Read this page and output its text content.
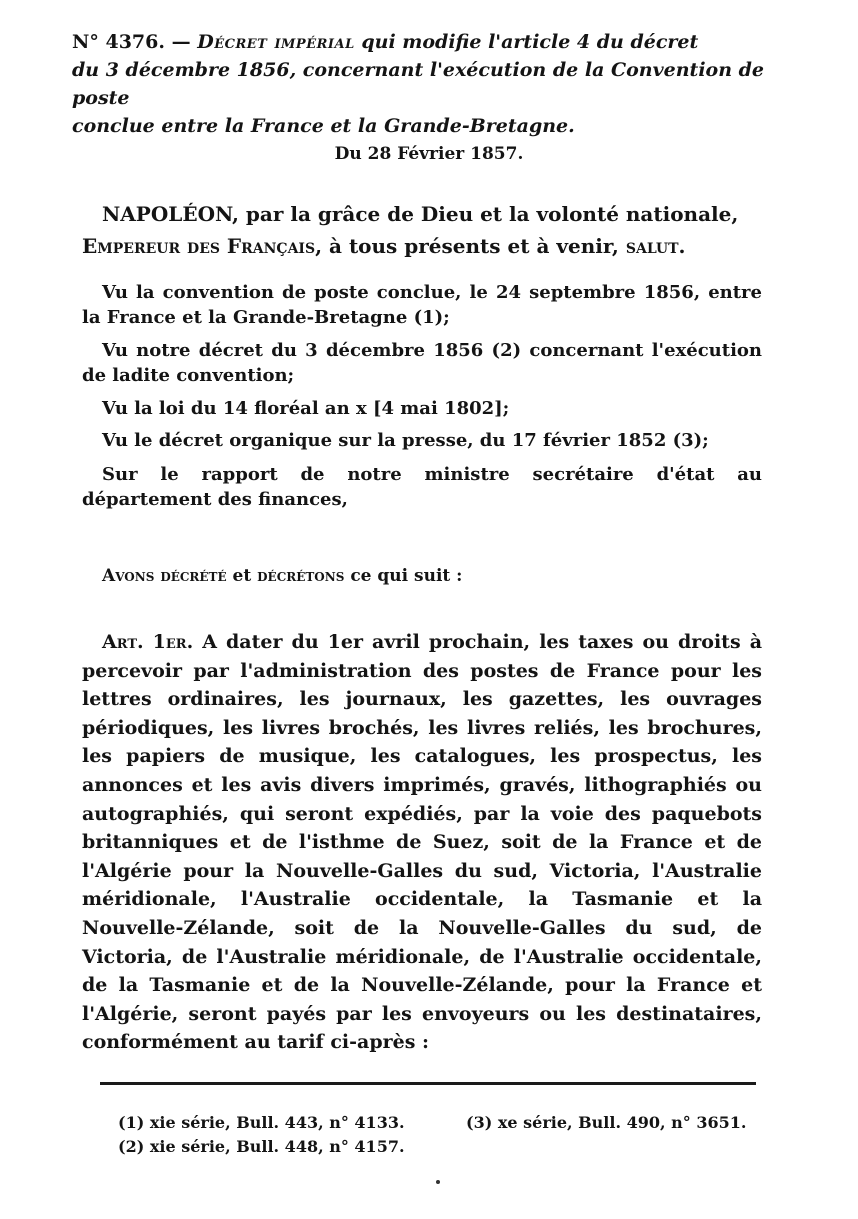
N° 4376. — Décret impérial qui modifie l'article 4 du décret
du 3 décembre 1856, concernant l'exécution de la Convention de poste
conclue entre la France et la Grande-Bretagne.
Du 28 Février 1857.
NAPOLÉON, par la grâce de Dieu et la volonté nationale,
Empereur des Français, à tous présents et à venir, salut.
Vu la convention de poste conclue, le 24 septembre 1856, entre la France et la Grande-Bretagne (1);
Vu notre décret du 3 décembre 1856 (2) concernant l'exécution de ladite convention;
Vu la loi du 14 floréal an x [4 mai 1802];
Vu le décret organique sur la presse, du 17 février 1852 (3);
Sur le rapport de notre ministre secrétaire d'état au département des finances,
Avons décrété et décrétons ce qui suit :
Art. 1er. A dater du 1er avril prochain, les taxes ou droits à percevoir par l'administration des postes de France pour les lettres ordinaires, les journaux, les gazettes, les ouvrages périodiques, les livres brochés, les livres reliés, les brochures, les papiers de musique, les catalogues, les prospectus, les annonces et les avis divers imprimés, gravés, lithographiés ou autographiés, qui seront expédiés, par la voie des paquebots britanniques et de l'isthme de Suez, soit de la France et de l'Algérie pour la Nouvelle-Galles du sud, Victoria, l'Australie méridionale, l'Australie occidentale, la Tasmanie et la Nouvelle-Zélande, soit de la Nouvelle-Galles du sud, de Victoria, de l'Australie méridionale, de l'Australie occidentale, de la Tasmanie et de la Nouvelle-Zélande, pour la France et l'Algérie, seront payés par les envoyeurs ou les destinataires, conformément au tarif ci-après :
(1) xie série, Bull. 443, n° 4133.
(2) xie série, Bull. 448, n° 4157.
(3) xe série, Bull. 490, n° 3651.
